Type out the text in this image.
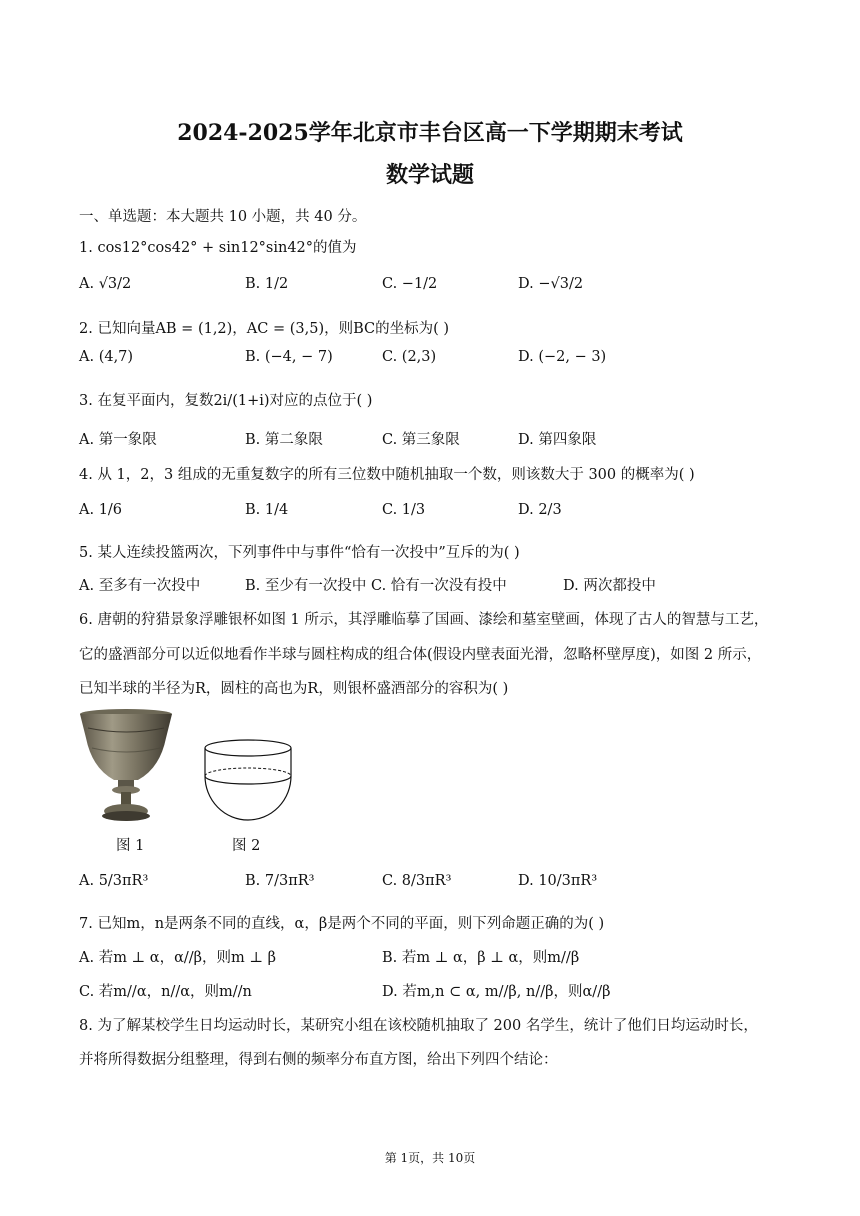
2024-2025学年北京市丰台区高一下学期期末考试
数学试题
一、单选题：本大题共 10 小题，共 40 分。
1. cos12°cos42° + sin12°sin42°的值为
A. √3/2	B. 1/2	C. −1/2	D. −√3/2
2. 已知向量AB = (1,2)，AC = (3,5)，则BC的坐标为( )
A. (4,7)	B. (−4, − 7)	C. (2,3)	D. (−2, − 3)
3. 在复平面内，复数2i/(1+i)对应的点位于( )
A. 第一象限	B. 第二象限	C. 第三象限	D. 第四象限
4. 从 1，2，3 组成的无重复数字的所有三位数中随机抽取一个数，则该数大于 300 的概率为( )
A. 1/6	B. 1/4	C. 1/3	D. 2/3
5. 某人连续投篮两次，下列事件中与事件“恰有一次投中”互斥的为( )
A. 至多有一次投中	B. 至少有一次投中 C. 恰有一次没有投中	D. 两次都投中
6. 唐朝的狩猎景象浮雕银杯如图 1 所示，其浮雕临摹了国画、漆绘和墓室壁画，体现了古人的智慧与工艺，
它的盛酒部分可以近似地看作半球与圆柱构成的组合体(假设内壁表面光滑，忽略杯壁厚度)，如图 2 所示，
已知半球的半径为R，圆柱的高也为R，则银杯盛酒部分的容积为( )
图 1	图 2
A. 5/3πR³	B. 7/3πR³	C. 8/3πR³	D. 10/3πR³
7. 已知m，n是两条不同的直线，α，β是两个不同的平面，则下列命题正确的为( )
A. 若m ⊥ α，α//β，则m ⊥ β	B. 若m ⊥ α，β ⊥ α，则m//β
C. 若m//α，n//α，则m//n	D. 若m,n ⊂ α, m//β, n//β，则α//β
8. 为了解某校学生日均运动时长，某研究小组在该校随机抽取了 200 名学生，统计了他们日均运动时长，
并将所得数据分组整理，得到右侧的频率分布直方图，给出下列四个结论：
第 1页，共 10页
